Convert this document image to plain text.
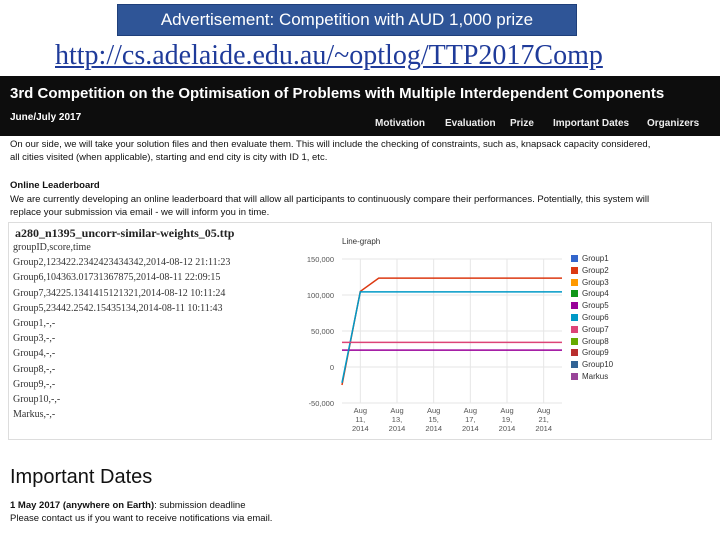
Advertisement: Competition with AUD 1,000 prize
http://cs.adelaide.edu.au/~optlog/TTP2017Comp
3rd Competition on the Optimisation of Problems with Multiple Interdependent Components
June/July 2017
Motivation Evaluation Prize Important Dates Organizers
On our side, we will take your solution files and then evaluate them. This will include the checking of constraints, such as, knapsack capacity considered,
all cities visited (when applicable), starting and end city is city with ID 1, etc.
Online Leaderboard
We are currently developing an online leaderboard that will allow all participants to continuously compare their performances. Potentially, this system will
replace your submission via email - we will inform you in time.
a280_n1395_uncorr-similar-weights_05.ttp
groupID,score,time
Group2,123422.2342423434342,2014-08-12 21:11:23
Group6,104363.01731367875,2014-08-11 22:09:15
Group7,34225.1341415121321,2014-08-12 10:11:24
Group5,23442.2542.15435134,2014-08-11 10:11:43
Group1,-,-
Group3,-,-
Group4,-,-
Group8,-,-
Group9,-,-
Group10,-,-
Markus,-,-
Line-graph
150,000
100,000
50,000
0
-50,000
Aug
11,
2014
Aug
13,
2014
Aug
15,
2014
Aug
17,
2014
Aug
19,
2014
Aug
21,
2014
Group1
Group2
Group3
Group4
Group5
Group6
Group7
Group8
Group9
Group10
Markus
Important Dates
1 May 2017 (anywhere on Earth): submission deadline
Please contact us if you want to receive notifications via email.
